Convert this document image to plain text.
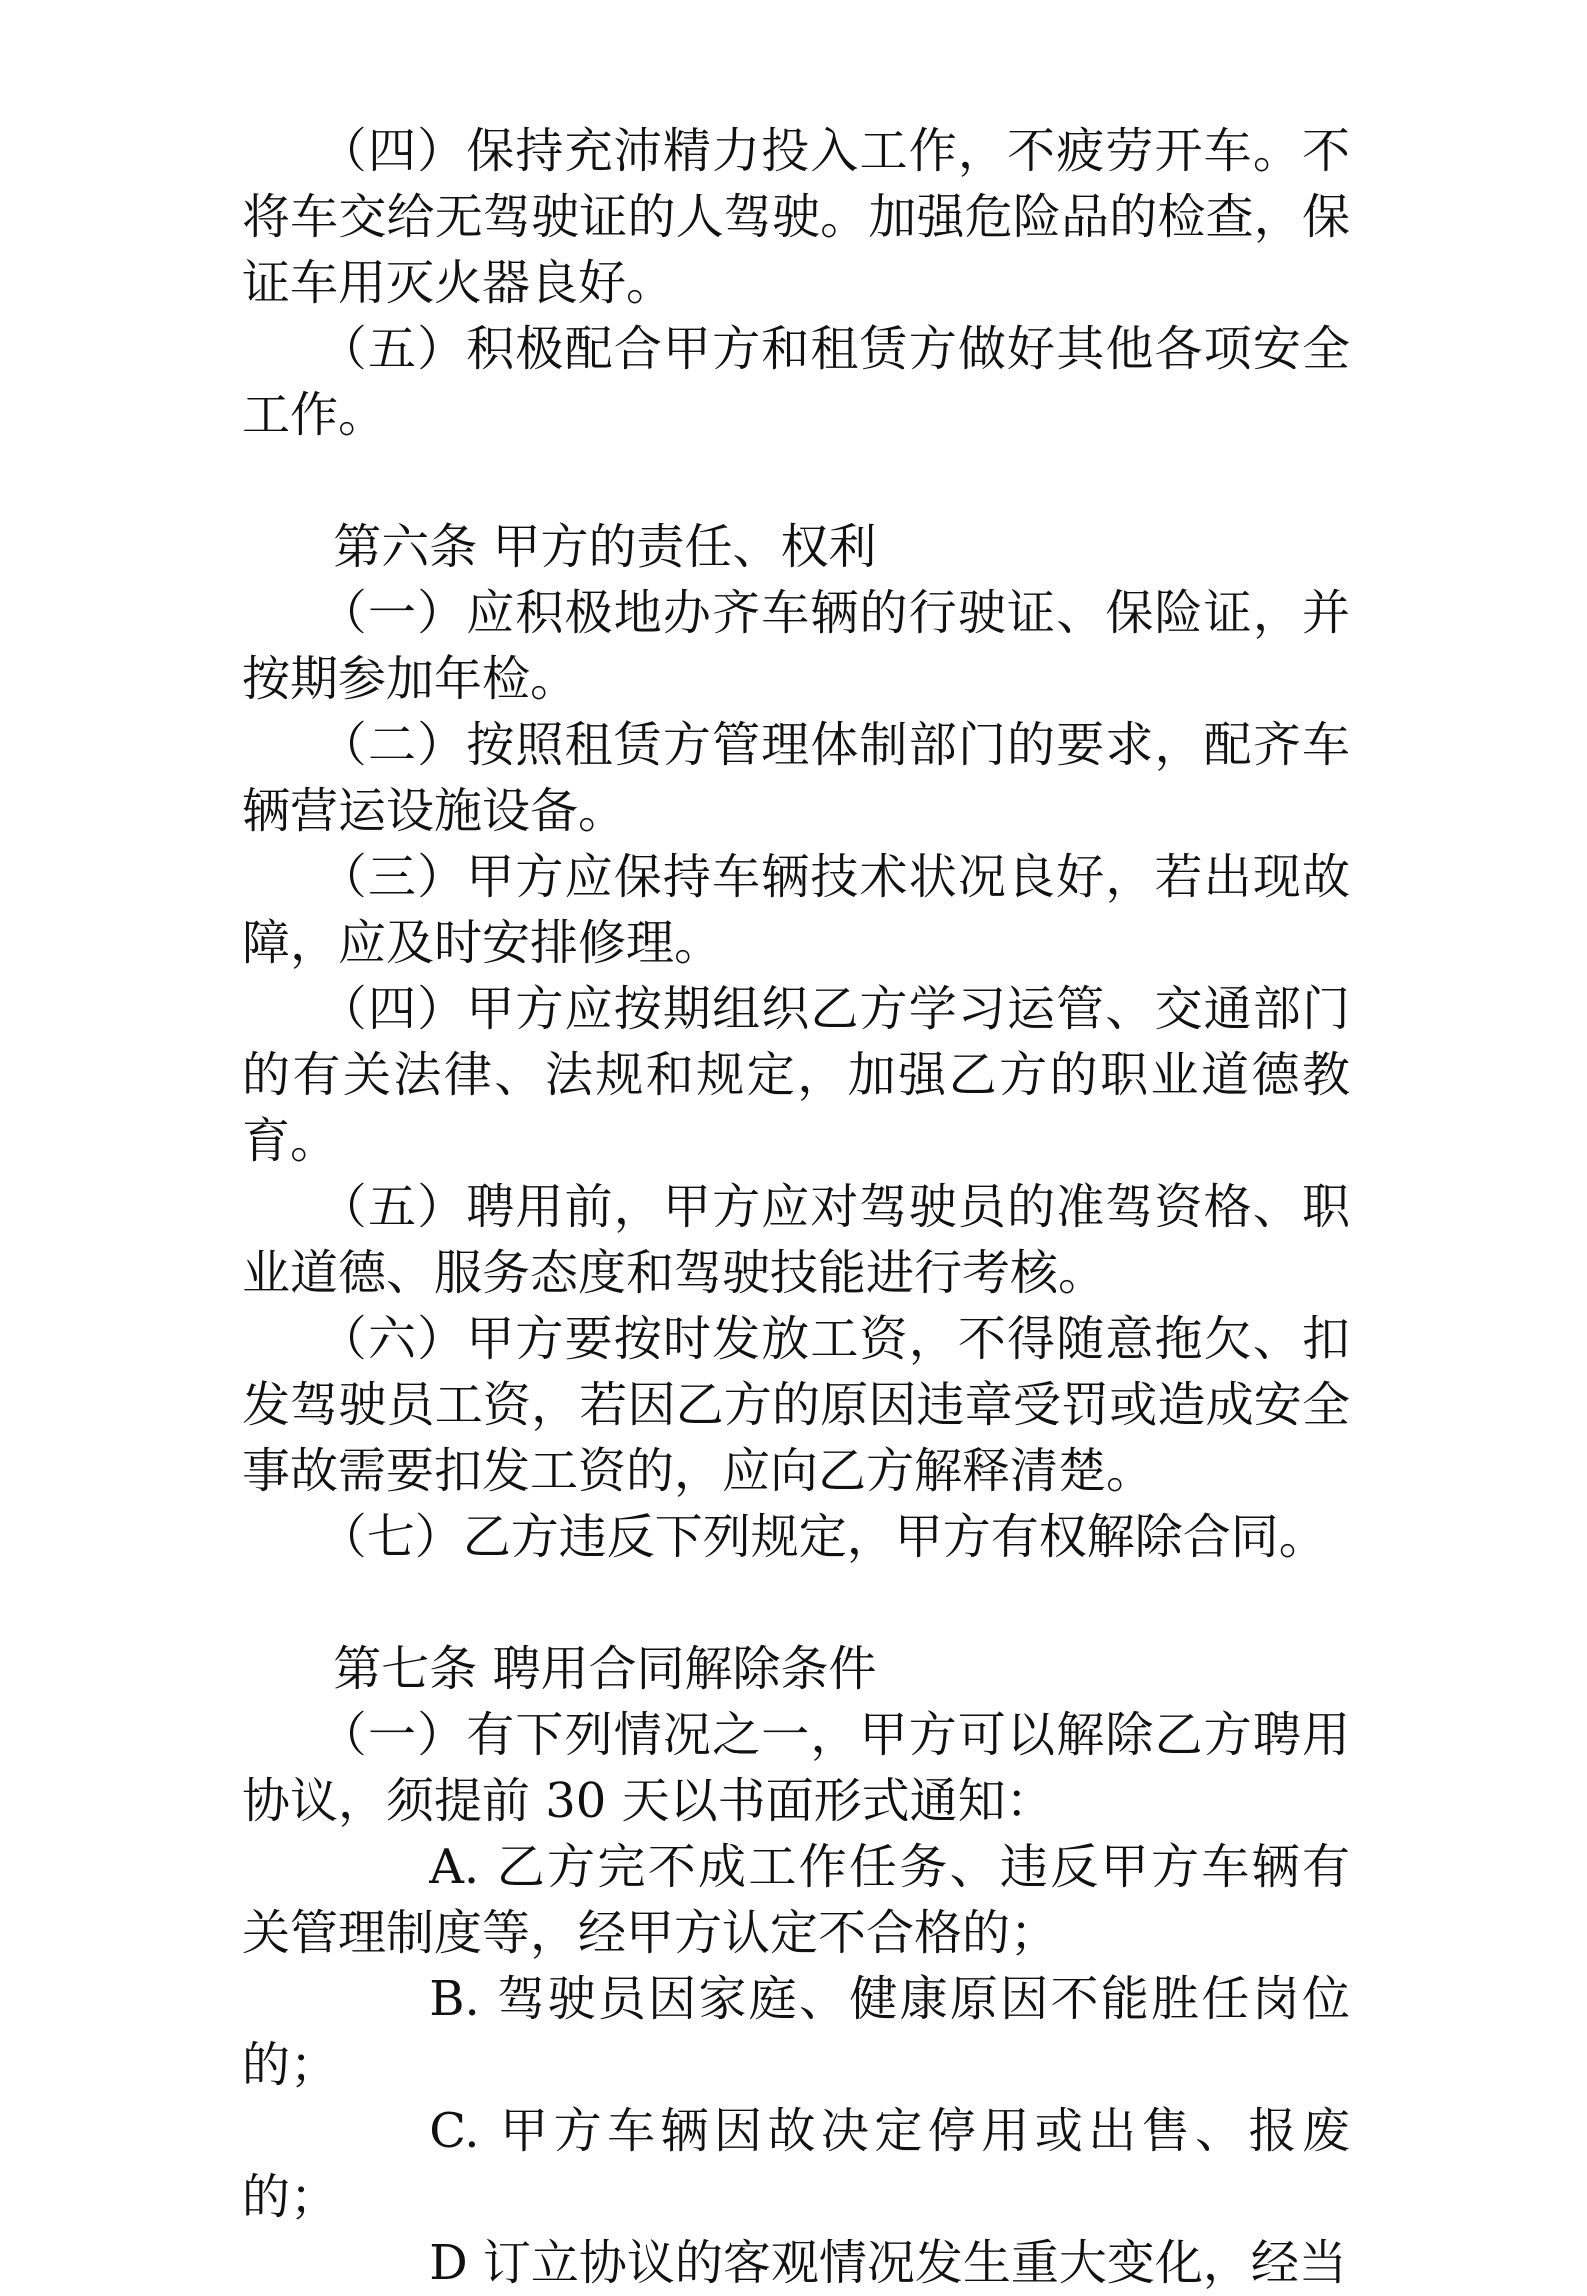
（四）保持充沛精力投入工作，不疲劳开车。不将车交给无驾驶证的人驾驶。加强危险品的检查，保证车用灭火器良好。

（五）积极配合甲方和租赁方做好其他各项安全工作。

第六条 甲方的责任、权利

（一）应积极地办齐车辆的行驶证、保险证，并按期参加年检。

（二）按照租赁方管理体制部门的要求，配齐车辆营运设施设备。

（三）甲方应保持车辆技术状况良好，若出现故障，应及时安排修理。

（四）甲方应按期组织乙方学习运管、交通部门的有关法律、法规和规定，加强乙方的职业道德教育。

（五）聘用前，甲方应对驾驶员的准驾资格、职业道德、服务态度和驾驶技能进行考核。

（六）甲方要按时发放工资，不得随意拖欠、扣发驾驶员工资，若因乙方的原因违章受罚或造成安全事故需要扣发工资的，应向乙方解释清楚。

（七）乙方违反下列规定，甲方有权解除合同。

第七条 聘用合同解除条件

（一）有下列情况之一，甲方可以解除乙方聘用协议，须提前 30 天以书面形式通知：

A. 乙方完不成工作任务、违反甲方车辆有关管理制度等，经甲方认定不合格的；

B. 驾驶员因家庭、健康原因不能胜任岗位的；

C. 甲方车辆因故决定停用或出售、报废的；

D 订立协议的客观情况发生重大变化，经当
